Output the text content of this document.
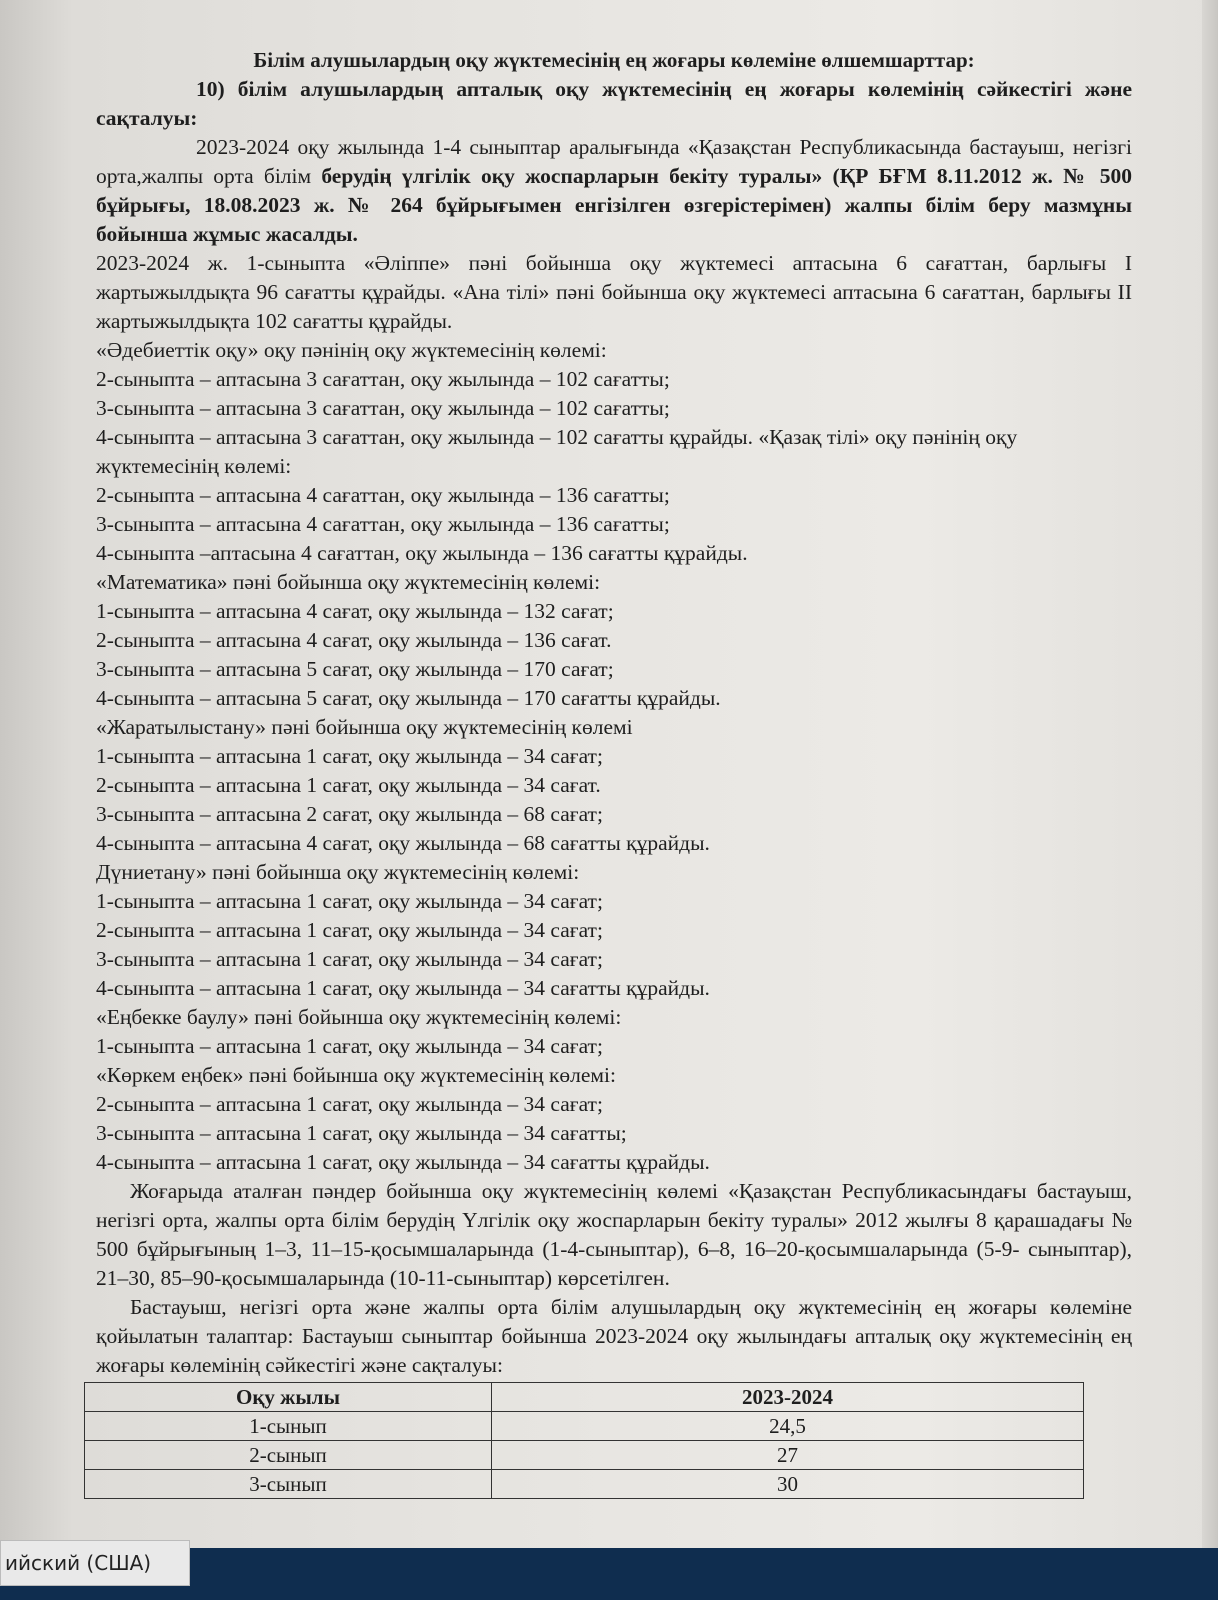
Білім алушылардың оқу жүктемесінің ең жоғары көлеміне өлшемшарттар:

10) білім алушылардың апталық оқу жүктемесінің ең жоғары көлемінің сәйкестігі және сақталуы:

2023-2024 оқу жылында 1-4 сыныптар аралығында «Қазақстан Республикасында бастауыш, негізгі орта,жалпы орта білім берудің үлгілік оқу жоспарларын бекіту туралы» (ҚР БҒМ 8.11.2012 ж. № 500 бұйрығы, 18.08.2023 ж. № 264 бұйрығымен енгізілген өзгерістерімен) жалпы білім беру мазмұны бойынша жұмыс жасалды.

2023-2024 ж. 1-сыныпта «Әліппе» пәні бойынша оқу жүктемесі аптасына 6 сағаттан, барлығы І жартыжылдықта 96 сағатты құрайды. «Ана тілі» пәні бойынша оқу жүктемесі аптасына 6 сағаттан, барлығы ІІ жартыжылдықта 102 сағатты құрайды.

«Әдебиеттік оқу» оқу пәнінің оқу жүктемесінің көлемі:

2-сыныпта – аптасына 3 сағаттан, оқу жылында – 102 сағатты;

3-сыныпта – аптасына 3 сағаттан, оқу жылында – 102 сағатты;

4-сыныпта – аптасына 3 сағаттан, оқу жылында – 102 сағатты құрайды. «Қазақ тілі» оқу пәнінің оқу жүктемесінің көлемі:

2-сыныпта – аптасына 4 сағаттан, оқу жылында – 136 сағатты;

3-сыныпта – аптасына 4 сағаттан, оқу жылында – 136 сағатты;

4-сыныпта –аптасына 4 сағаттан, оқу жылында – 136 сағатты құрайды.

«Математика» пәні бойынша оқу жүктемесінің көлемі:

1-сыныпта – аптасына 4 сағат, оқу жылында – 132 сағат;

2-сыныпта – аптасына 4 сағат, оқу жылында – 136 сағат.

3-сыныпта – аптасына 5 сағат, оқу жылында – 170 сағат;

4-сыныпта – аптасына 5 сағат, оқу жылында – 170 сағатты құрайды.

«Жаратылыстану» пәні бойынша оқу жүктемесінің көлемі

1-сыныпта – аптасына 1 сағат, оқу жылында – 34 сағат;

2-сыныпта – аптасына 1 сағат, оқу жылында – 34 сағат.

3-сыныпта – аптасына 2 сағат, оқу жылында – 68 сағат;

4-сыныпта – аптасына 4 сағат, оқу жылында – 68 сағатты құрайды.

Дүниетану» пәні бойынша оқу жүктемесінің көлемі:

1-сыныпта – аптасына 1 сағат, оқу жылында – 34 сағат;

2-сыныпта – аптасына 1 сағат, оқу жылында – 34 сағат;

3-сыныпта – аптасына 1 сағат, оқу жылында – 34 сағат;

4-сыныпта – аптасына 1 сағат, оқу жылында – 34 сағатты құрайды.

«Еңбекке баулу» пәні бойынша оқу жүктемесінің көлемі:

1-сыныпта – аптасына 1 сағат, оқу жылында – 34 сағат;

«Көркем еңбек» пәні бойынша оқу жүктемесінің көлемі:

2-сыныпта – аптасына 1 сағат, оқу жылында – 34 сағат;

3-сыныпта – аптасына 1 сағат, оқу жылында – 34 сағатты;

4-сыныпта – аптасына 1 сағат, оқу жылында – 34 сағатты құрайды.

Жоғарыда аталған пәндер бойынша оқу жүктемесінің көлемі «Қазақстан Республикасындағы бастауыш, негізгі орта, жалпы орта білім берудің Үлгілік оқу жоспарларын бекіту туралы» 2012 жылғы 8 қарашадағы № 500 бұйрығының 1–3, 11–15-қосымшаларында (1-4-сыныптар), 6–8, 16–20-қосымшаларында (5-9- сыныптар), 21–30, 85–90-қосымшаларында (10-11-сыныптар) көрсетілген.

Бастауыш, негізгі орта және жалпы орта білім алушылардың оқу жүктемесінің ең жоғары көлеміне қойылатын талаптар: Бастауыш сыныптар бойынша 2023-2024 оқу жылындағы апталық оқу жүктемесінің ең жоғары көлемінің сәйкестігі және сақталуы:

Оқу жылы	2023-2024
1-сынып	24,5
2-сынып	27
3-сынып	30
ийский (США)
